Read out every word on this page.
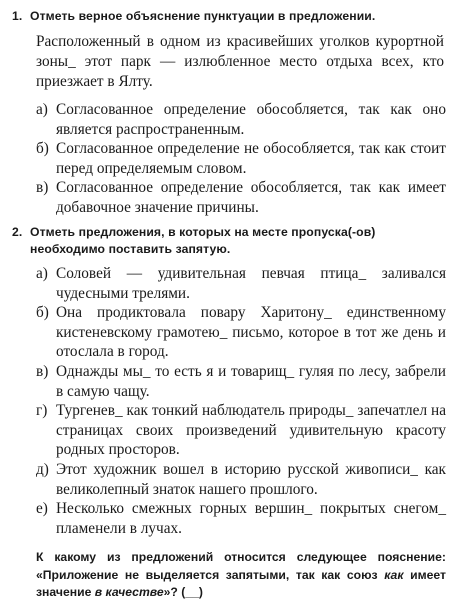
1. Отметь верное объяснение пунктуации в предложении.
Расположенный в одном из красивейших уголков курортной зоны_ этот парк — излюбленное место отдыха всех, кто приезжает в Ялту.
а) Согласованное определение обособляется, так как оно является распространенным.
б) Согласованное определение не обособляется, так как стоит перед определяемым словом.
в) Согласованное определение обособляется, так как имеет добавочное значение причины.
2. Отметь предложения, в которых на месте пропуска(-ов) необходимо поставить запятую.
а) Соловей — удивительная певчая птица_ заливался чудесными трелями.
б) Она продиктовала повару Харитону_ единственному кистеневскому грамотею_ письмо, которое в тот же день и отослала в город.
в) Однажды мы_ то есть я и товарищ_ гуляя по лесу, забрели в самую чащу.
г) Тургенев_ как тонкий наблюдатель природы_ запечатлел на страницах своих произведений удивительную красоту родных просторов.
д) Этот художник вошел в историю русской живописи_ как великолепный знаток нашего прошлого.
е) Несколько смежных горных вершин_ покрытых снегом_ пламенели в лучах.
К какому из предложений относится следующее пояснение: «Приложение не выделяется запятыми, так как союз как имеет значение в качестве»? (__)
